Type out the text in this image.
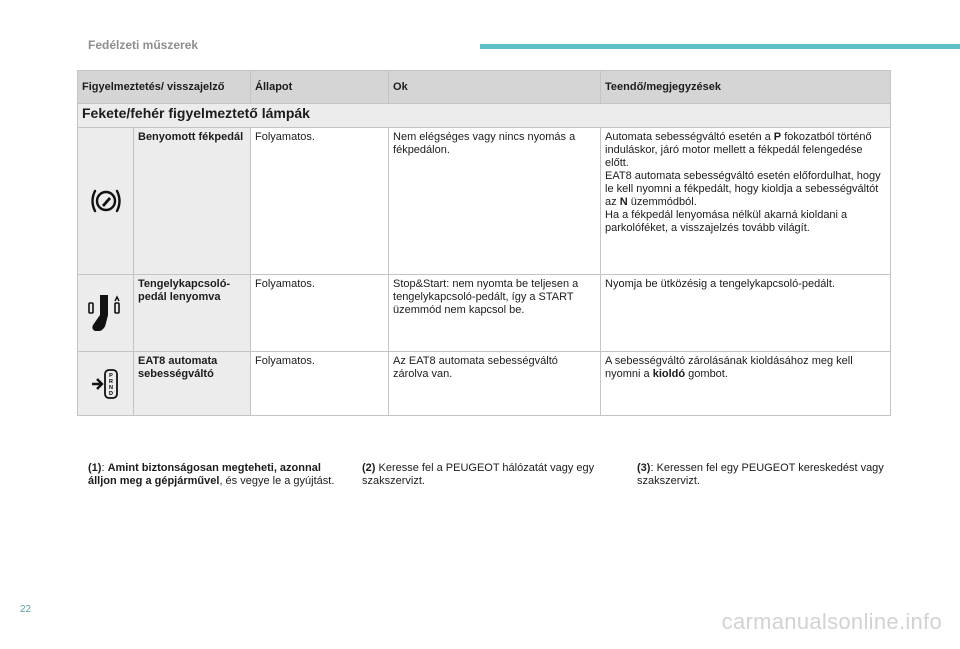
Fedélzeti műszerek
Figyelmeztetés/ visszajelző		Állapot	Ok	Teendő/megjegyzések
Fekete/fehér figyelmeztető lámpák				

	Benyomott fékpedál	Folyamatos.	Nem elégséges vagy nincs nyomás a fékpedálon.	Automata sebességváltó esetén a P fokozatból történő induláskor, járó motor mellett a fékpedál felengedése előtt.
EAT8 automata sebességváltó esetén előfordulhat, hogy le kell nyomni a fékpedált, hogy kioldja a sebességváltót az N üzemmódból.
Ha a fékpedál lenyomása nélkül akarná kioldani a parkolóféket, a visszajelzés tovább világít.

	Tengelykapcsoló-pedál lenyomva	Folyamatos.	Stop&Start: nem nyomta be teljesen a tengelykapcsoló-pedált, így a START üzemmód nem kapcsol be.	Nyomja be ütközésig a tengelykapcsoló-pedált.

P
R
N
D	EAT8 automata sebességváltó	Folyamatos.	Az EAT8 automata sebességváltó zárolva van.	A sebességváltó zárolásának kioldásához meg kell nyomni a kioldó gombot.
(1): Amint biztonságosan megteheti, azonnal álljon meg a gépjárművel, és vegye le a gyújtást.
(2) Keresse fel a PEUGEOT hálózatát vagy egy szakszervizt.
(3): Keressen fel egy PEUGEOT kereskedést vagy szakszervizt.
22	carmanualsonline.info
